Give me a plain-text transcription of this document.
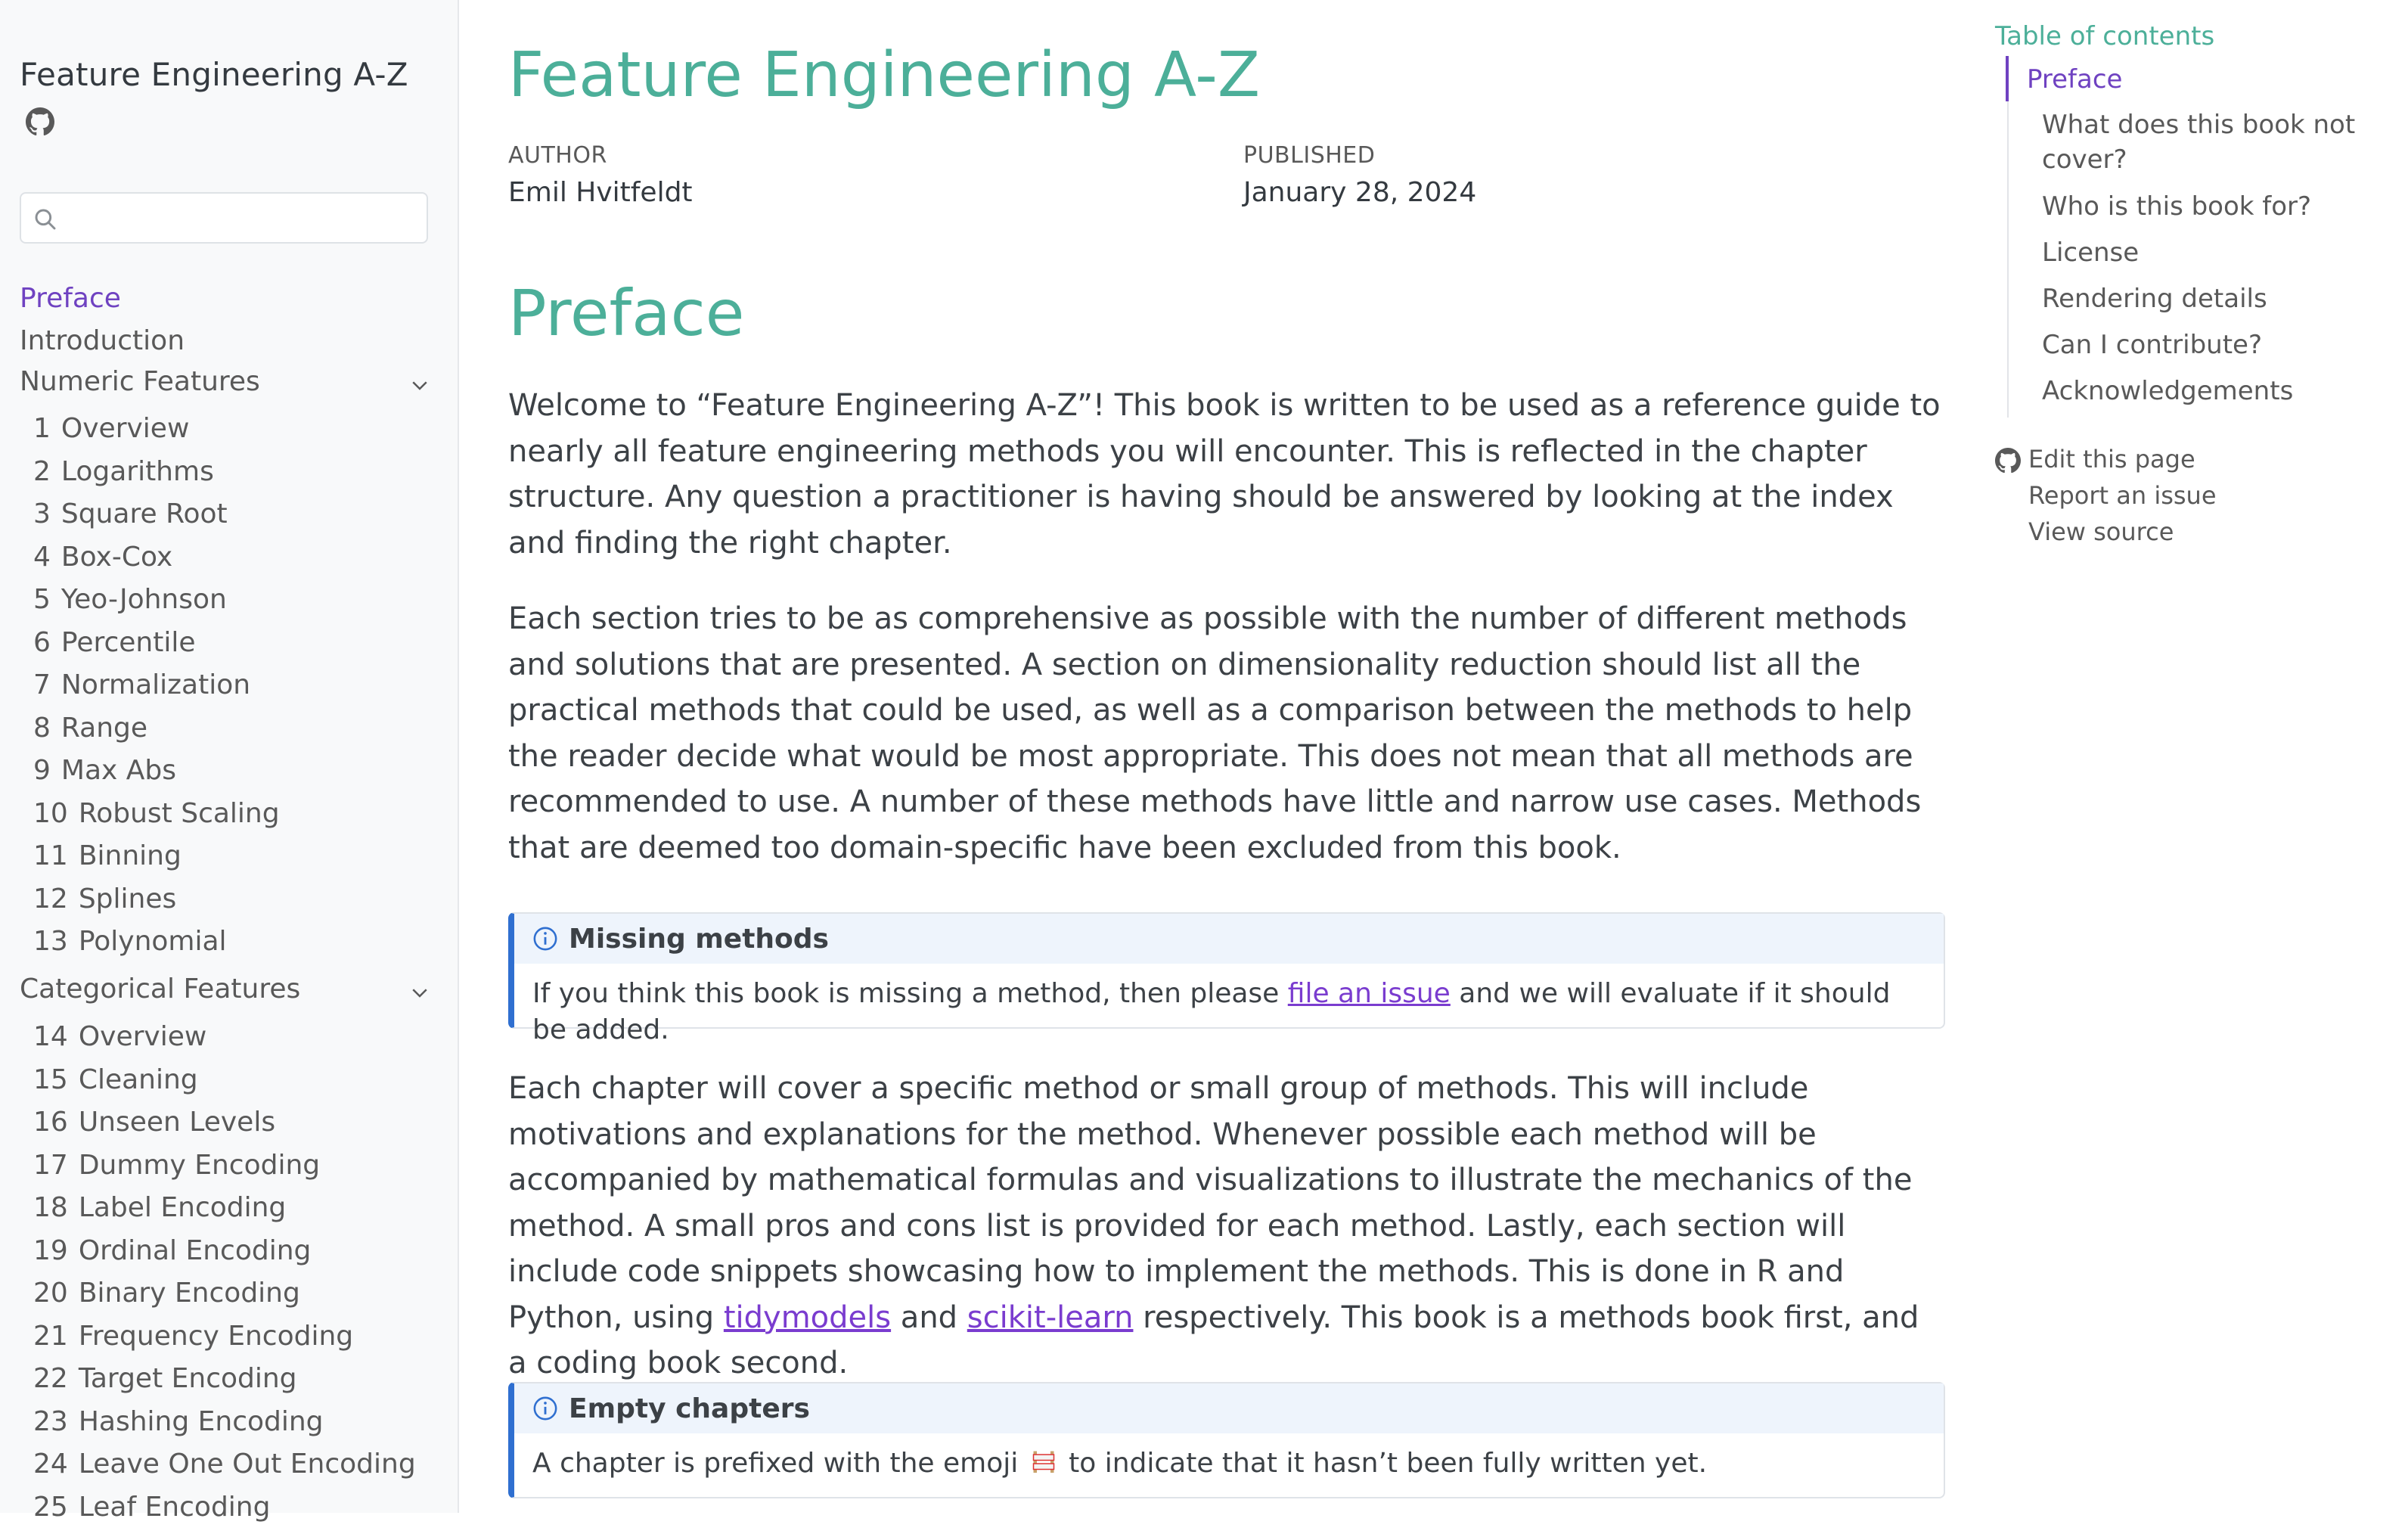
Feature Engineering A-Z
Preface
Introduction
Numeric Features
1 Overview
2 Logarithms
3 Square Root
4 Box-Cox
5 Yeo-Johnson
6 Percentile
7 Normalization
8 Range
9 Max Abs
10 Robust Scaling
11 Binning
12 Splines
13 Polynomial
Categorical Features
14 Overview
15 Cleaning
16 Unseen Levels
17 Dummy Encoding
18 Label Encoding
19 Ordinal Encoding
20 Binary Encoding
21 Frequency Encoding
22 Target Encoding
23 Hashing Encoding
24 Leave One Out Encoding
25 Leaf Encoding
Feature Engineering A-Z
AUTHOR
Emil Hvitfeldt
PUBLISHED
January 28, 2024
Preface

Welcome to “Feature Engineering A-Z”! This book is written to be used as a reference guide to nearly all feature engineering methods you will encounter. This is reflected in the chapter structure. Any question a practitioner is having should be answered by looking at the index and finding the right chapter.

Each section tries to be as comprehensive as possible with the number of different methods and solutions that are presented. A section on dimensionality reduction should list all the practical methods that could be used, as well as a comparison between the methods to help the reader decide what would be most appropriate. This does not mean that all methods are recommended to use. A number of these methods have little and narrow use cases. Methods that are deemed too domain-specific have been excluded from this book.

Missing methods
If you think this book is missing a method, then please file an issue and we will evaluate if it should be added.

Each chapter will cover a specific method or small group of methods. This will include motivations and explanations for the method. Whenever possible each method will be accompanied by mathematical formulas and visualizations to illustrate the mechanics of the method. A small pros and cons list is provided for each method. Lastly, each section will include code snippets showcasing how to implement the methods. This is done in R and Python, using tidymodels and scikit-learn respectively. This book is a methods book first, and a coding book second.

Empty chapters
A chapter is prefixed with the emoji  to indicate that it hasn’t been fully written yet.
Table of contents
Preface
What does this book not cover?
Who is this book for?
License
Rendering details
Can I contribute?
Acknowledgements
Edit this page
Report an issue
View source
